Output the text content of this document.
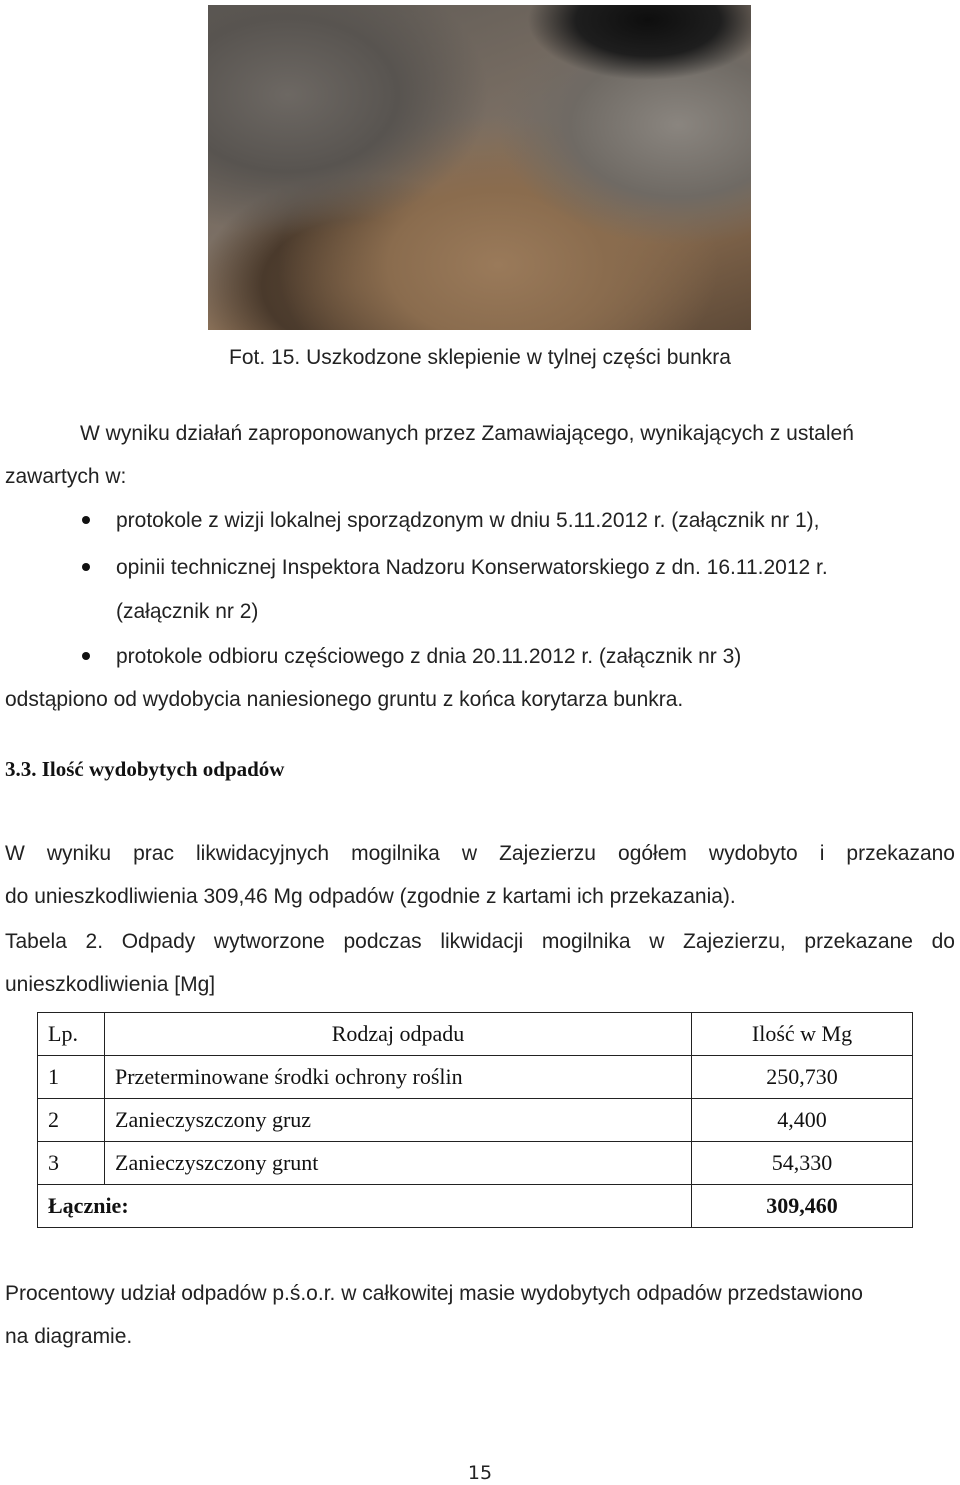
Fot. 15. Uszkodzone sklepienie w tylnej części bunkra
W wyniku działań zaproponowanych przez Zamawiającego, wynikających z ustaleń
zawartych w:
protokole z wizji lokalnej sporządzonym w dniu 5.11.2012 r. (załącznik nr 1),
opinii technicznej Inspektora Nadzoru Konserwatorskiego z dn. 16.11.2012 r.
(załącznik nr 2)
protokole odbioru częściowego z dnia 20.11.2012 r. (załącznik nr 3)
odstąpiono od wydobycia naniesionego gruntu z końca korytarza bunkra.
3.3. Ilość wydobytych odpadów
W wyniku prac likwidacyjnych mogilnika w Zajezierzu ogółem wydobyto i przekazano
do unieszkodliwienia 309,46 Mg odpadów (zgodnie z kartami ich przekazania).
Tabela 2. Odpady wytworzone podczas likwidacji mogilnika w Zajezierzu, przekazane do
unieszkodliwienia [Mg]
Lp.	Rodzaj odpadu	Ilość w Mg
1	Przeterminowane środki ochrony roślin	250,730
2	Zanieczyszczony gruz	4,400
3	Zanieczyszczony grunt	54,330
Łącznie:		309,460
Procentowy udział odpadów p.ś.o.r. w całkowitej masie wydobytych odpadów przedstawiono
na diagramie.
15
